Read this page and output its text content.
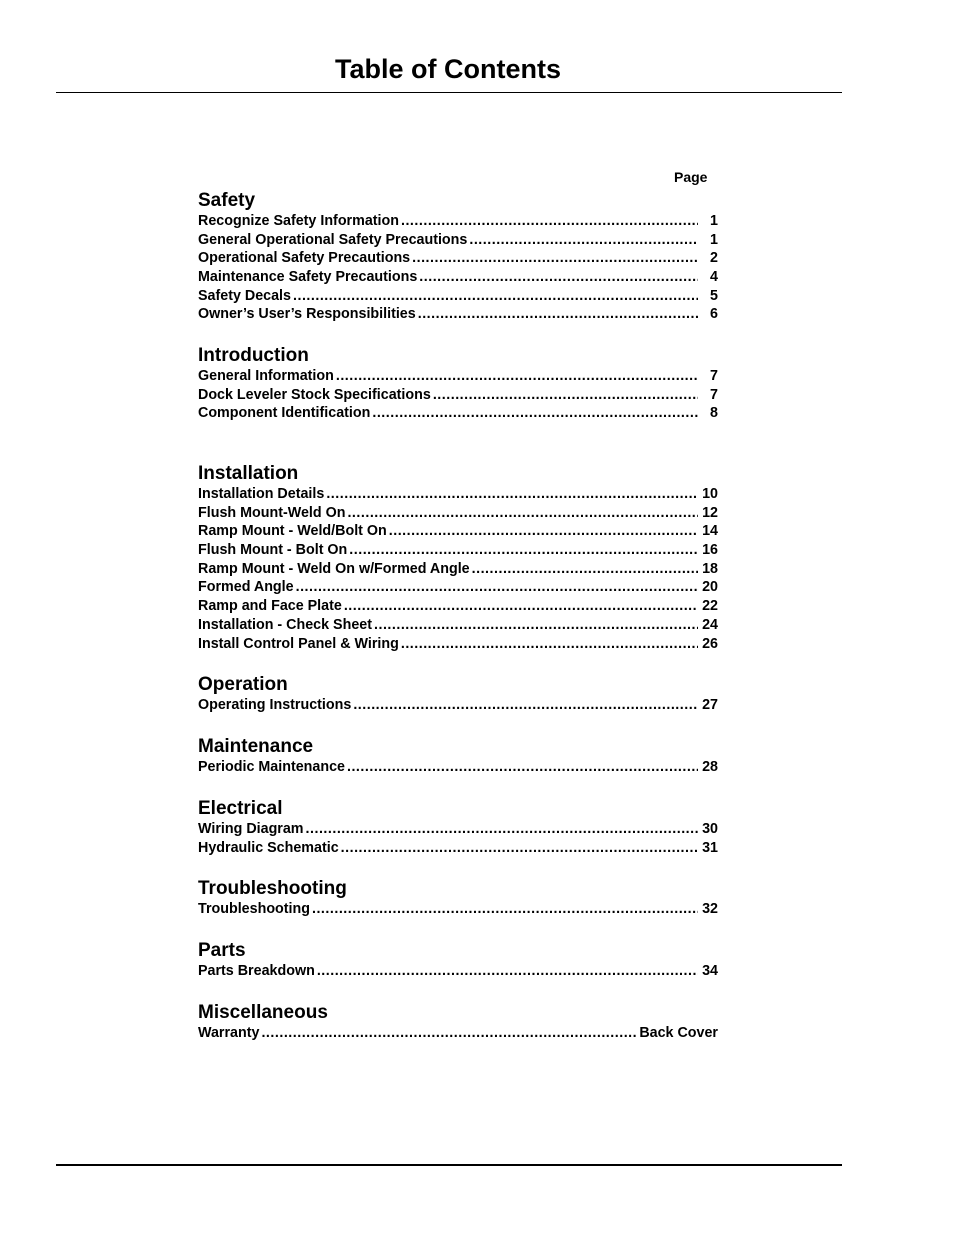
Table of Contents
Page
Safety
Recognize Safety Information .....	1
General Operational Safety Precautions .....	1
Operational Safety Precautions .....	2
Maintenance Safety Precautions .....	4
Safety Decals .....	5
Owner’s User’s Responsibilities .....	6
Introduction
General Information .....	7
Dock Leveler Stock Specifications .....	7
Component Identification .....	8
Installation
Installation Details .....	10
Flush Mount-Weld On .....	12
Ramp Mount - Weld/Bolt On .....	14
Flush Mount - Bolt On .....	16
Ramp Mount - Weld On w/Formed Angle .....	18
Formed Angle .....	20
Ramp and Face Plate .....	22
Installation - Check Sheet .....	24
Install Control Panel & Wiring .....	26
Operation
Operating Instructions .....	27
Maintenance
Periodic Maintenance .....	28
Electrical
Wiring Diagram .....	30
Hydraulic Schematic .....	31
Troubleshooting
Troubleshooting .....	32
Parts
Parts Breakdown .....	34
Miscellaneous
Warranty .....	Back Cover
